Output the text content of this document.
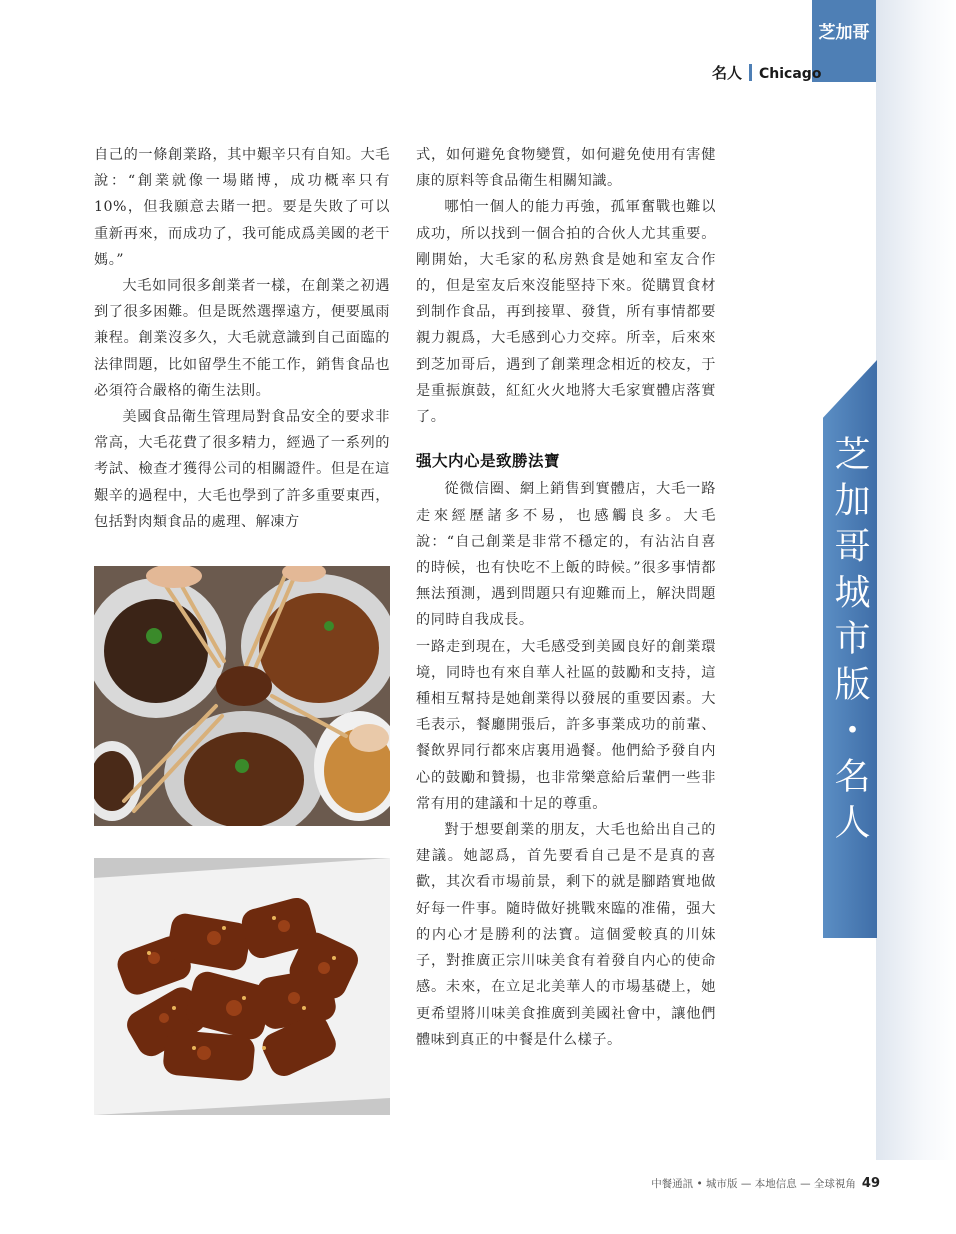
芝加哥
名人 Chicago
芝加哥城市版・名人

自己的一條創業路，其中艱辛只有自知。大毛說：“創業就像一場賭博，成功概率只有10%，但我願意去賭一把。要是失敗了可以重新再來，而成功了，我可能成爲美國的老干媽。”

大毛如同很多創業者一樣，在創業之初遇到了很多困難。但是既然選擇遠方，便要風雨兼程。創業沒多久，大毛就意識到自己面臨的法律問題，比如留學生不能工作，銷售食品也必須符合嚴格的衛生法則。

美國食品衛生管理局對食品安全的要求非常高，大毛花費了很多精力，經過了一系列的考試、檢查才獲得公司的相關證件。但是在這艱辛的過程中，大毛也學到了許多重要東西，包括對肉類食品的處理、解凍方

式，如何避免食物變質，如何避免使用有害健康的原料等食品衛生相關知識。

哪怕一個人的能力再強，孤軍奮戰也難以成功，所以找到一個合拍的合伙人尤其重要。剛開始，大毛家的私房熟食是她和室友合作的，但是室友后來沒能堅持下來。從購買食材到制作食品，再到接單、發貨，所有事情都要親力親爲，大毛感到心力交瘁。所幸，后來來到芝加哥后，遇到了創業理念相近的校友，于是重振旗鼓，紅紅火火地將大毛家實體店落實了。

强大内心是致勝法寶

從微信圈、網上銷售到實體店，大毛一路走來經歷諸多不易，也感觸良多。大毛說：“自己創業是非常不穩定的，有沾沾自喜的時候，也有快吃不上飯的時候。”很多事情都無法預測，遇到問題只有迎難而上，解決問題的同時自我成長。

一路走到現在，大毛感受到美國良好的創業環境，同時也有來自華人社區的鼓勵和支持，這種相互幫持是她創業得以發展的重要因素。大毛表示，餐廳開張后，許多事業成功的前輩、餐飲界同行都來店裏用過餐。他們給予發自内心的鼓勵和贊揚，也非常樂意給后輩們一些非常有用的建議和十足的尊重。

對于想要創業的朋友，大毛也給出自己的建議。她認爲，首先要看自己是不是真的喜歡，其次看市場前景，剩下的就是腳踏實地做好每一件事。隨時做好挑戰來臨的准備，强大的内心才是勝利的法寶。這個愛較真的川妹子，對推廣正宗川味美食有着發自内心的使命感。未來，在立足北美華人的市場基礎上，她更希望將川味美食推廣到美國社會中，讓他們體味到真正的中餐是什么樣子。

中餐通訊 • 城市版 — 本地信息 — 全球視角 49
